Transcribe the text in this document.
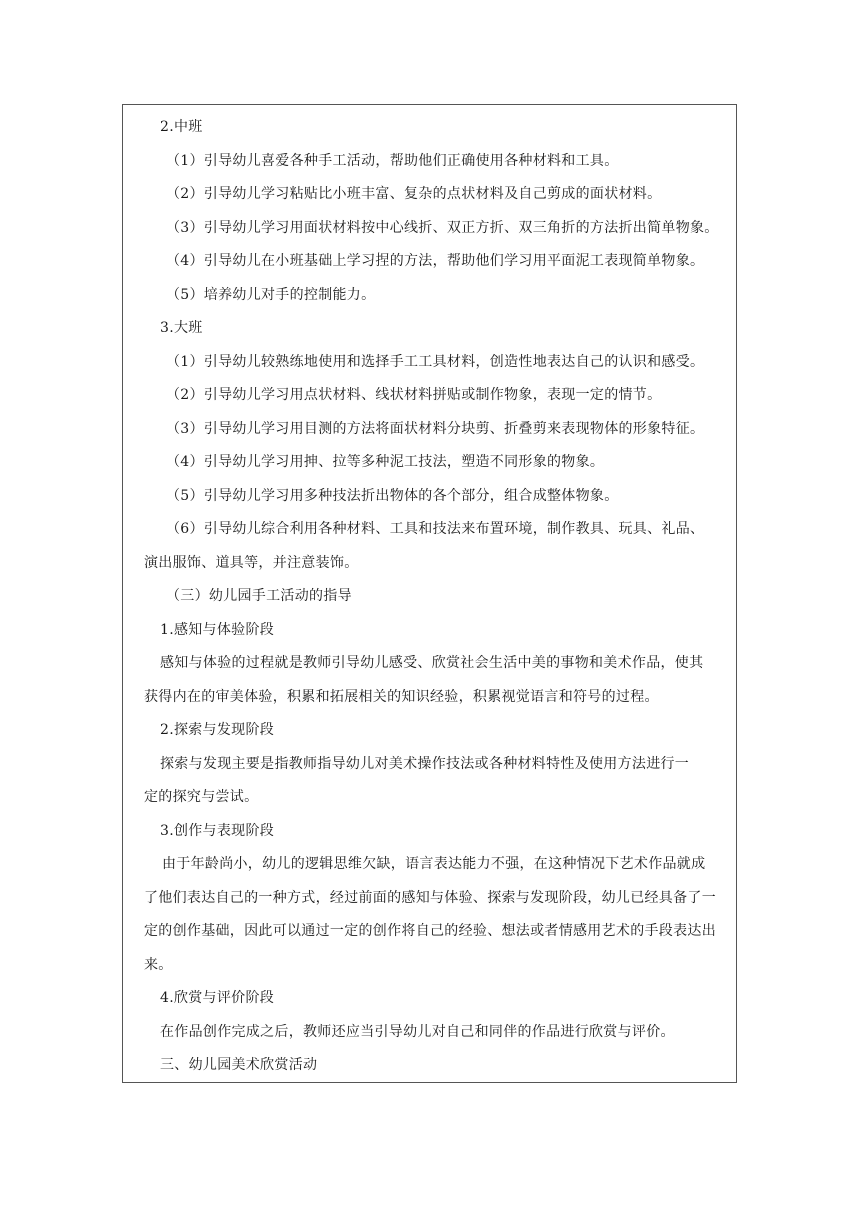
2.中班

（1）引导幼儿喜爱各种手工活动，帮助他们正确使用各种材料和工具。

（2）引导幼儿学习粘贴比小班丰富、复杂的点状材料及自己剪成的面状材料。

（3）引导幼儿学习用面状材料按中心线折、双正方折、双三角折的方法折出简单物象。

（4）引导幼儿在小班基础上学习捏的方法，帮助他们学习用平面泥工表现简单物象。

（5）培养幼儿对手的控制能力。

3.大班

（1）引导幼儿较熟练地使用和选择手工工具材料，创造性地表达自己的认识和感受。

（2）引导幼儿学习用点状材料、线状材料拼贴或制作物象，表现一定的情节。

（3）引导幼儿学习用目测的方法将面状材料分块剪、折叠剪来表现物体的形象特征。

（4）引导幼儿学习用抻、拉等多种泥工技法，塑造不同形象的物象。

（5）引导幼儿学习用多种技法折出物体的各个部分，组合成整体物象。

（6）引导幼儿综合利用各种材料、工具和技法来布置环境，制作教具、玩具、礼品、

演出服饰、道具等，并注意装饰。

（三）幼儿园手工活动的指导

1.感知与体验阶段

感知与体验的过程就是教师引导幼儿感受、欣赏社会生活中美的事物和美术作品，使其

获得内在的审美体验，积累和拓展相关的知识经验，积累视觉语言和符号的过程。

2.探索与发现阶段

探索与发现主要是指教师指导幼儿对美术操作技法或各种材料特性及使用方法进行一

定的探究与尝试。

3.创作与表现阶段

由于年龄尚小，幼儿的逻辑思维欠缺，语言表达能力不强，在这种情况下艺术作品就成

了他们表达自己的一种方式，经过前面的感知与体验、探索与发现阶段，幼儿已经具备了一

定的创作基础，因此可以通过一定的创作将自己的经验、想法或者情感用艺术的手段表达出

来。

4.欣赏与评价阶段

在作品创作完成之后，教师还应当引导幼儿对自己和同伴的作品进行欣赏与评价。

三、幼儿园美术欣赏活动
